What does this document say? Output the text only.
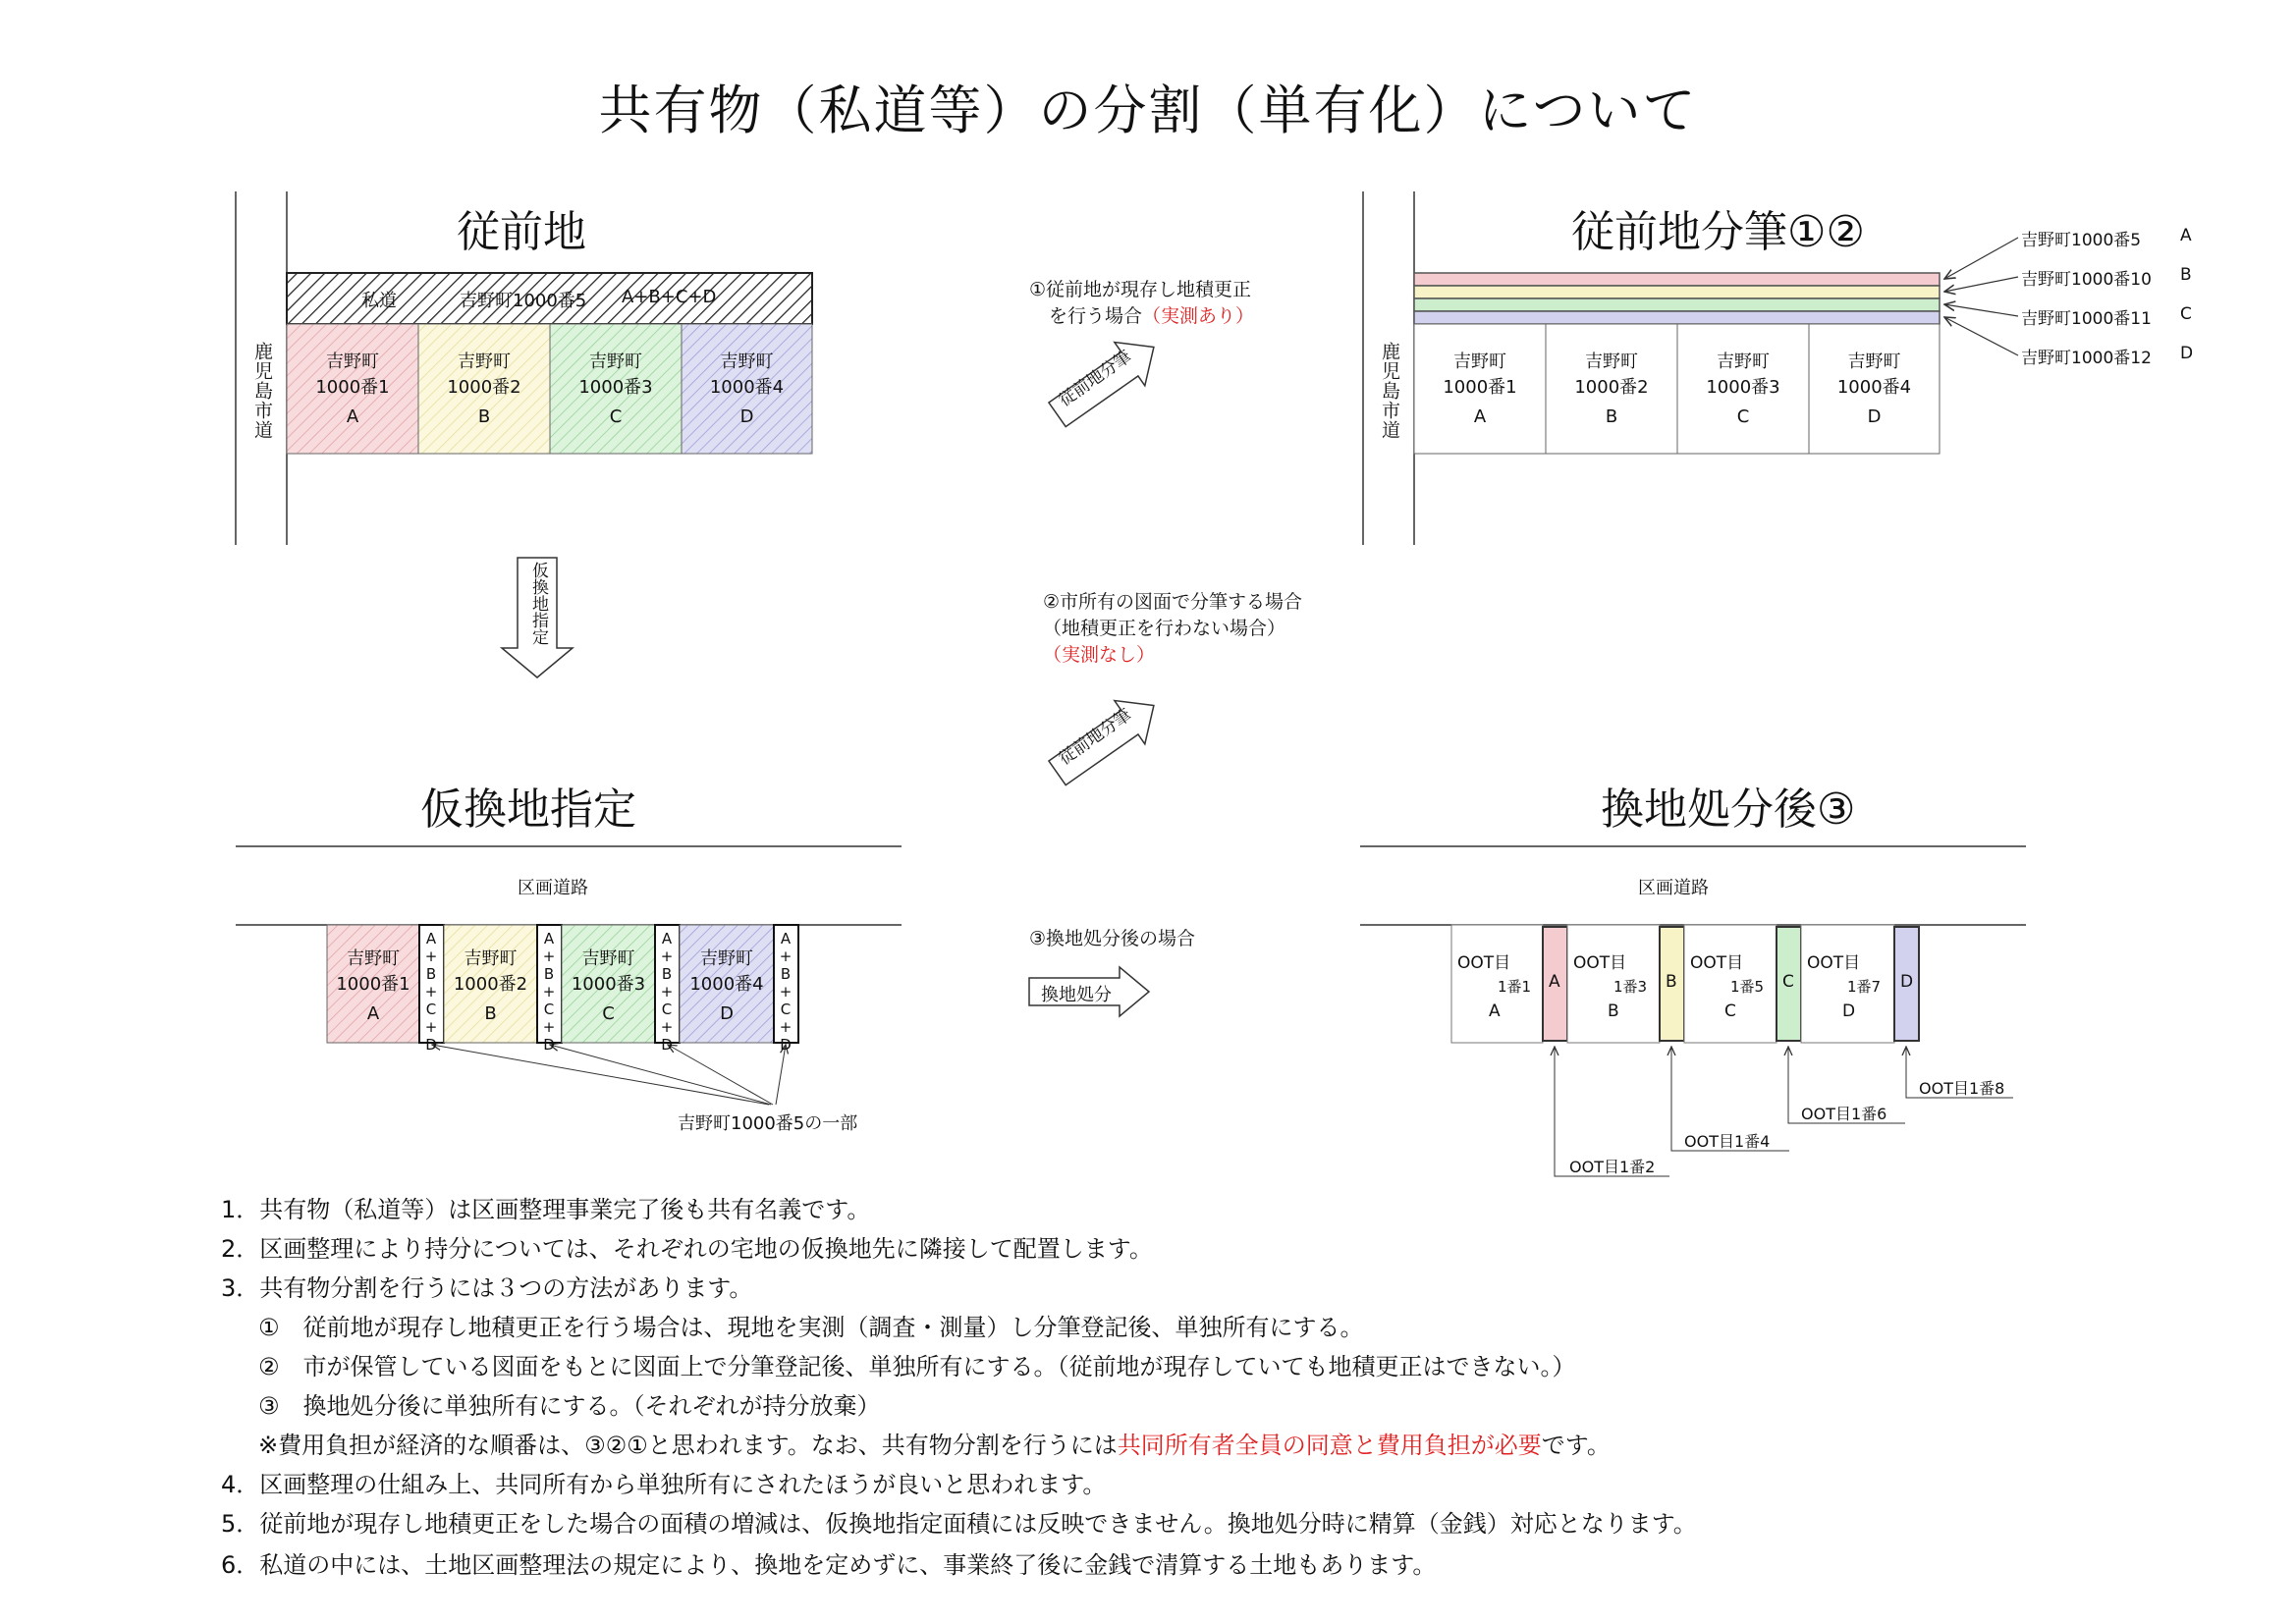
共有物（私道等）の分割（単有化）について
従前地	従前地分筆①②
仮換地指定	換地処分後③
鹿児島市道
私道	吉野町1000番5 A+B+C+D
吉野町
1000番1
A
吉野町
1000番2
B
吉野町
1000番3
C
吉野町
1000番4
D	鹿児島市道	吉野町
1000番1
A
吉野町
1000番2
B
吉野町
1000番3
C
吉野町
1000番4
D
吉野町1000番5 A
吉野町1000番10 B
吉野町1000番11 C
吉野町1000番12 D
仮換地指定
①従前地が現存し地積更正
を行う場合（実測あり）
従前地分筆
②市所有の図面で分筆する場合
（地積更正を行わない場合）
（実測なし）
従前地分筆
③換地処分後の場合
換地処分
区画道路
吉野町
1000番1
A
吉野町
1000番2
B
吉野町
1000番3
C
吉野町
1000番4
D
A+B+C+D	A+B+C+D	A+B+C+D	A+B+C+D
吉野町1000番5の一部
区画道路
OOT目
1番1
A
OOT目
1番3
B
OOT目
1番5
C
OOT目
1番7
D
A	B	C	D
OOT目1番2
OOT目1番4
OOT目1番6
OOT目1番8
1．共有物（私道等）は区画整理事業完了後も共有名義です。
2．区画整理により持分については、それぞれの宅地の仮換地先に隣接して配置します。
3．共有物分割を行うには３つの方法があります。
①　従前地が現存し地積更正を行う場合は、現地を実測（調査・測量）し分筆登記後、単独所有にする。
②　市が保管している図面をもとに図面上で分筆登記後、単独所有にする。（従前地が現存していても地積更正はできない。）
③　換地処分後に単独所有にする。（それぞれが持分放棄）
※費用負担が経済的な順番は、③②①と思われます。なお、共有物分割を行うには共同所有者全員の同意と費用負担が必要です。
4．区画整理の仕組み上、共同所有から単独所有にされたほうが良いと思われます。
5．従前地が現存し地積更正をした場合の面積の増減は、仮換地指定面積には反映できません。換地処分時に精算（金銭）対応となります。
6．私道の中には、土地区画整理法の規定により、換地を定めずに、事業終了後に金銭で清算する土地もあります。
